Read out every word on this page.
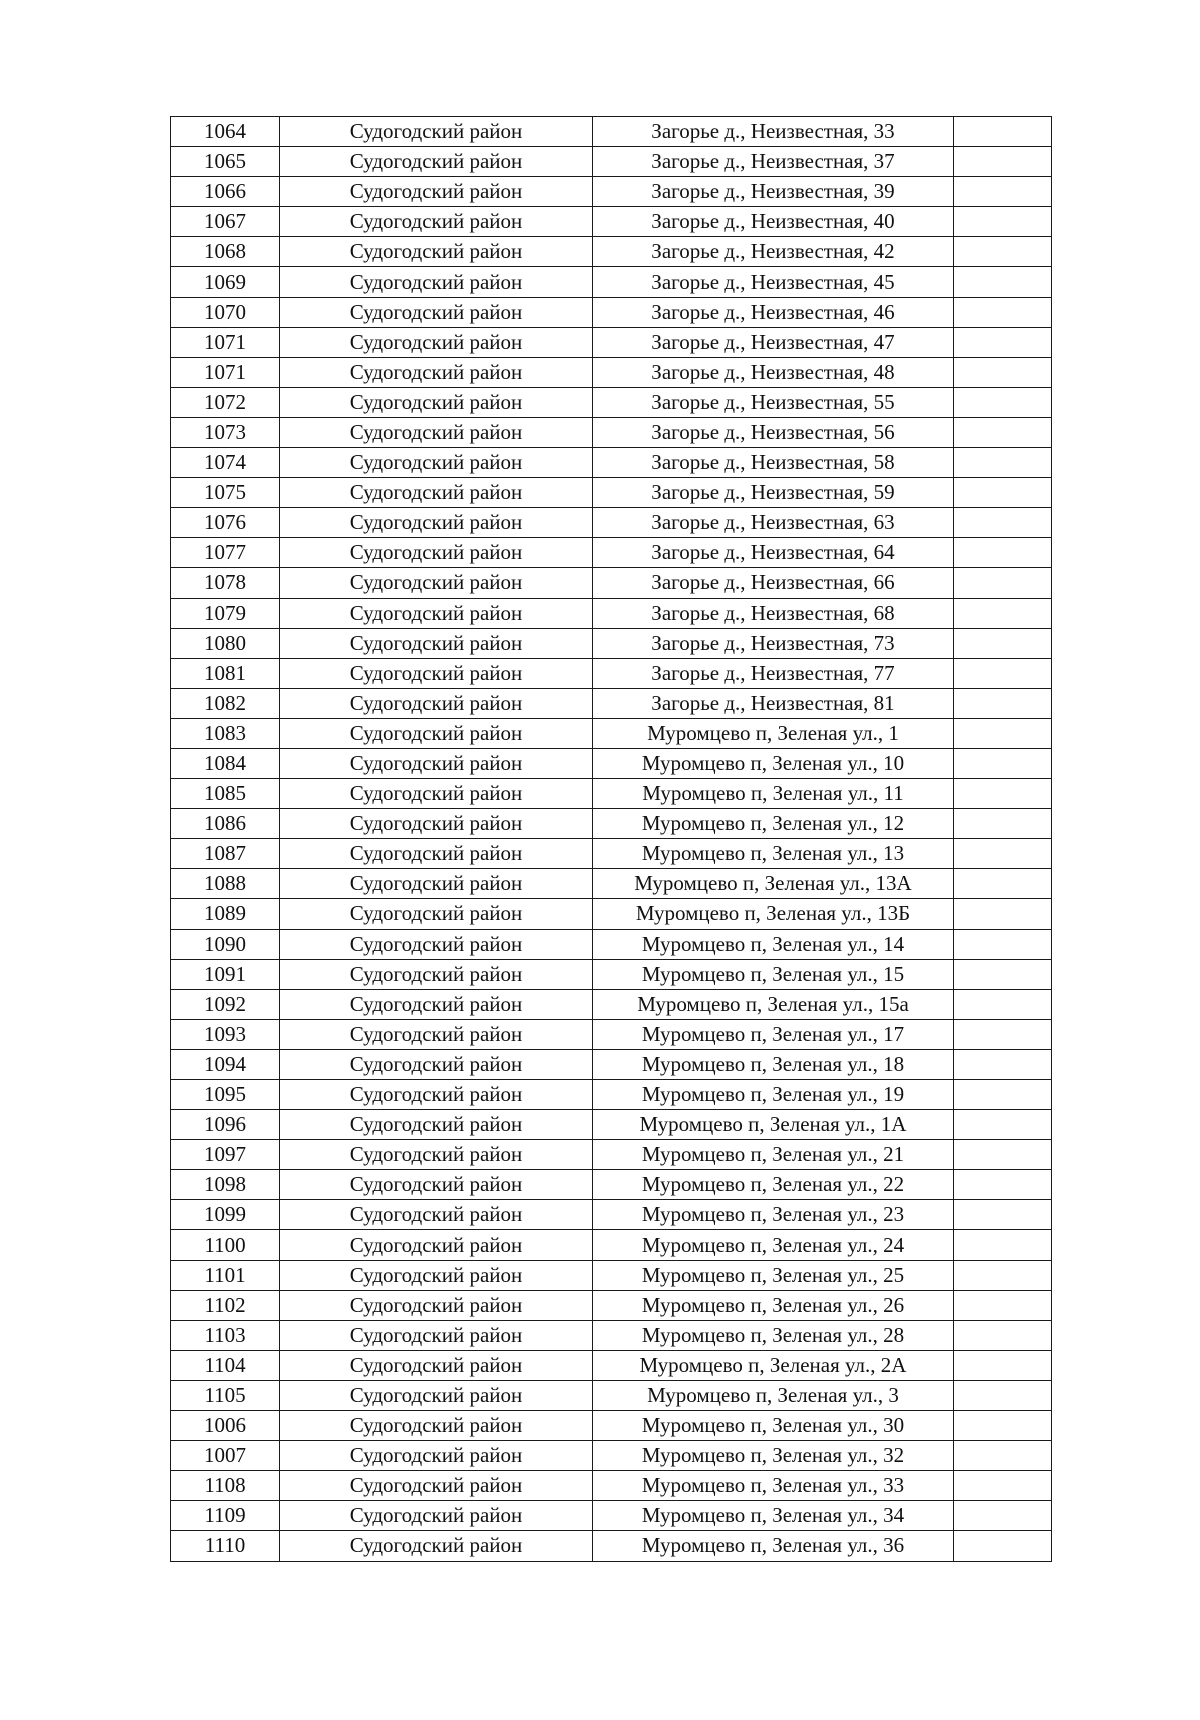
1064	Судогодский район	Загорье д., Неизвестная, 33	
1065	Судогодский район	Загорье д., Неизвестная, 37	
1066	Судогодский район	Загорье д., Неизвестная, 39	
1067	Судогодский район	Загорье д., Неизвестная, 40	
1068	Судогодский район	Загорье д., Неизвестная, 42	
1069	Судогодский район	Загорье д., Неизвестная, 45	
1070	Судогодский район	Загорье д., Неизвестная, 46	
1071	Судогодский район	Загорье д., Неизвестная, 47	
1071	Судогодский район	Загорье д., Неизвестная, 48	
1072	Судогодский район	Загорье д., Неизвестная, 55	
1073	Судогодский район	Загорье д., Неизвестная, 56	
1074	Судогодский район	Загорье д., Неизвестная, 58	
1075	Судогодский район	Загорье д., Неизвестная, 59	
1076	Судогодский район	Загорье д., Неизвестная, 63	
1077	Судогодский район	Загорье д., Неизвестная, 64	
1078	Судогодский район	Загорье д., Неизвестная, 66	
1079	Судогодский район	Загорье д., Неизвестная, 68	
1080	Судогодский район	Загорье д., Неизвестная, 73	
1081	Судогодский район	Загорье д., Неизвестная, 77	
1082	Судогодский район	Загорье д., Неизвестная, 81	
1083	Судогодский район	Муромцево п, Зеленая ул., 1	
1084	Судогодский район	Муромцево п, Зеленая ул., 10	
1085	Судогодский район	Муромцево п, Зеленая ул., 11	
1086	Судогодский район	Муромцево п, Зеленая ул., 12	
1087	Судогодский район	Муромцево п, Зеленая ул., 13	
1088	Судогодский район	Муромцево п, Зеленая ул., 13А	
1089	Судогодский район	Муромцево п, Зеленая ул., 13Б	
1090	Судогодский район	Муромцево п, Зеленая ул., 14	
1091	Судогодский район	Муромцево п, Зеленая ул., 15	
1092	Судогодский район	Муромцево п, Зеленая ул., 15а	
1093	Судогодский район	Муромцево п, Зеленая ул., 17	
1094	Судогодский район	Муромцево п, Зеленая ул., 18	
1095	Судогодский район	Муромцево п, Зеленая ул., 19	
1096	Судогодский район	Муромцево п, Зеленая ул., 1А	
1097	Судогодский район	Муромцево п, Зеленая ул., 21	
1098	Судогодский район	Муромцево п, Зеленая ул., 22	
1099	Судогодский район	Муромцево п, Зеленая ул., 23	
1100	Судогодский район	Муромцево п, Зеленая ул., 24	
1101	Судогодский район	Муромцево п, Зеленая ул., 25	
1102	Судогодский район	Муромцево п, Зеленая ул., 26	
1103	Судогодский район	Муромцево п, Зеленая ул., 28	
1104	Судогодский район	Муромцево п, Зеленая ул., 2А	
1105	Судогодский район	Муромцево п, Зеленая ул., 3	
1006	Судогодский район	Муромцево п, Зеленая ул., 30	
1007	Судогодский район	Муромцево п, Зеленая ул., 32	
1108	Судогодский район	Муромцево п, Зеленая ул., 33	
1109	Судогодский район	Муромцево п, Зеленая ул., 34	
1110	Судогодский район	Муромцево п, Зеленая ул., 36	
